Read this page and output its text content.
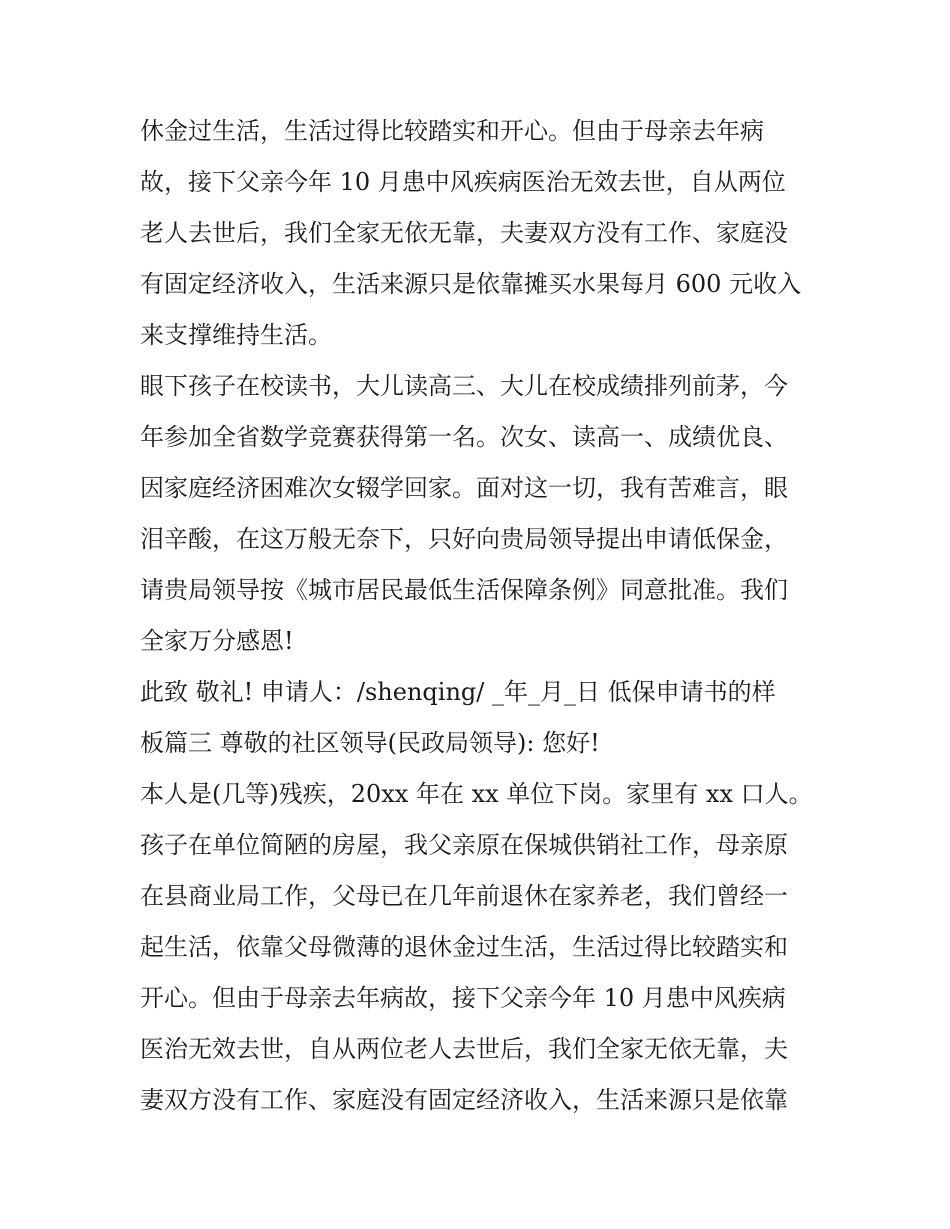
休金过生活，生活过得比较踏实和开心。但由于母亲去年病
故，接下父亲今年 10 月患中风疾病医治无效去世，自从两位
老人去世后，我们全家无依无靠，夫妻双方没有工作、家庭没
有固定经济收入，生活来源只是依靠摊买水果每月 600 元收入
来支撑维持生活。
眼下孩子在校读书，大儿读高三、大儿在校成绩排列前茅，今
年参加全省数学竞赛获得第一名。次女、读高一、成绩优良、
因家庭经济困难次女辍学回家。面对这一切，我有苦难言，眼
泪辛酸，在这万般无奈下，只好向贵局领导提出申请低保金，
请贵局领导按《城市居民最低生活保障条例》同意批准。我们
全家万分感恩!
此致 敬礼! 申请人：/shenqing/ _年_月_日 低保申请书的样
板篇三 尊敬的社区领导(民政局领导): 您好!
本人是(几等)残疾，20xx 年在 xx 单位下岗。家里有 xx 口人。
孩子在单位简陋的房屋，我父亲原在保城供销社工作，母亲原
在县商业局工作，父母已在几年前退休在家养老，我们曾经一
起生活，依靠父母微薄的退休金过生活，生活过得比较踏实和
开心。但由于母亲去年病故，接下父亲今年 10 月患中风疾病
医治无效去世，自从两位老人去世后，我们全家无依无靠，夫
妻双方没有工作、家庭没有固定经济收入，生活来源只是依靠
